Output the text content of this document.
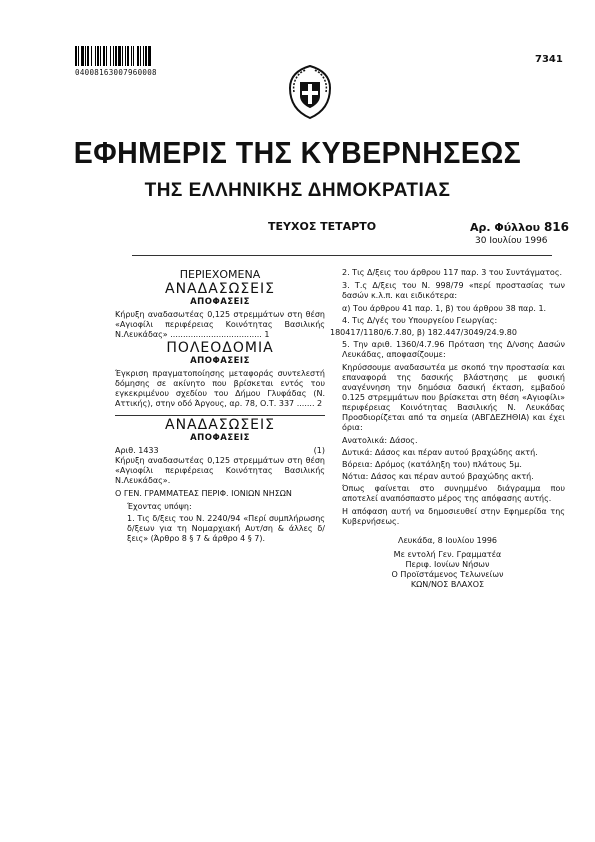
04008163007960008
7341
ΕΦΗΜΕΡΙΣ ΤΗΣ ΚΥΒΕΡΝΗΣΕΩΣ
ΤΗΣ ΕΛΛΗΝΙΚΗΣ ΔΗΜΟΚΡΑΤΙΑΣ
ΤΕΥΧΟΣ ΤΕΤΑΡΤΟ	Αρ. Φύλλου 816
30 Ιουλίου 1996
ΠΕΡΙΕΧΟΜΕΝΑ
ΑΝΑΔΑΣΩΣΕΙΣ
ΑΠΟΦΑΣΕΙΣ
Κήρυξη αναδασωτέας 0,125 στρεμμάτων στη θέση «Αγιοφίλι περιφέρειας Κοινότητας Βασιλικής Ν.Λευκάδας» .................................... 1
ΠΟΛΕΟΔΟΜΙΑ
ΑΠΟΦΑΣΕΙΣ
Έγκριση πραγματοποίησης μεταφοράς συντελεστή δόμησης σε ακίνητο που βρίσκεται εντός του εγκεκριμένου σχεδίου του Δήμου Γλυφάδας (Ν. Αττικής), στην οδό Άργους, αρ. 78, Ο.Τ. 337 ....... 2
ΑΝΑΔΑΣΩΣΕΙΣ
ΑΠΟΦΑΣΕΙΣ
Αριθ. 1433	(1)
Κήρυξη αναδασωτέας 0,125 στρεμμάτων στη θέση «Αγιοφίλι περιφέρειας Κοινότητας Βασιλικής Ν.Λευκάδας».
Ο ΓΕΝ. ΓΡΑΜΜΑΤΕΑΣ ΠΕΡΙΦ. ΙΟΝΙΩΝ ΝΗΣΩΝ
Έχοντας υπόψη:
1. Τις δ/ξεις του Ν. 2240/94 «Περί συμπλήρωσης δ/ξεων για τη Νομαρχιακή Αυτ/ση & άλλες δ/ξεις» (Άρθρο 8 § 7 & άρθρο 4 § 7).
2. Τις Δ/ξεις του άρθρου 117 παρ. 3 του Συντάγματος.
3. Τ.ς Δ/ξεις του Ν. 998/79 «περί προστασίας των δασών κ.λ.π. και ειδικότερα:
α) Του άρθρου 41 παρ. 1, β) του άρθρου 38 παρ. 1.
4. Τις Δ/γές του Υπουργείου Γεωργίας:
180417/1180/6.7.80, β) 182.447/3049/24.9.80
5. Την αριθ. 1360/4.7.96 Πρόταση της Δ/νσης Δασών Λευκάδας, αποφασίζουμε:
Κηρύσσουμε αναδασωτέα με σκοπό την προστασία και επαναφορά της δασικής βλάστησης με φυσική αναγέννηση την δημόσια δασική έκταση, εμβαδού 0.125 στρεμμάτων που βρίσκεται στη θέση «Αγιοφίλι» περιφέρειας Κοινότητας Βασιλικής Ν. Λευκάδας Προσδιορίζεται από τα σημεία (ΑΒΓΔΕΖΗΘΙΑ) και έχει όρια:
Ανατολικά: Δάσος.
Δυτικά: Δάσος και πέραν αυτού βραχώδης ακτή.
Βόρεια: Δρόμος (κατάληξη του) πλάτους 5μ.
Νότια: Δάσος και πέραν αυτού βραχώδης ακτή.
Όπως φαίνεται στο συνημμένο διάγραμμα που αποτελεί αναπόσπαστο μέρος της απόφασης αυτής.
Η απόφαση αυτή να δημοσιευθεί στην Εφημερίδα της Κυβερνήσεως.

Λευκάδα, 8 Ιουλίου 1996

Με εντολή Γεν. Γραμματέα

Περιφ. Ιονίων Νήσων

Ο Προϊστάμενος Τελωνείων

ΚΩΝ/ΝΟΣ ΒΛΑΧΟΣ
